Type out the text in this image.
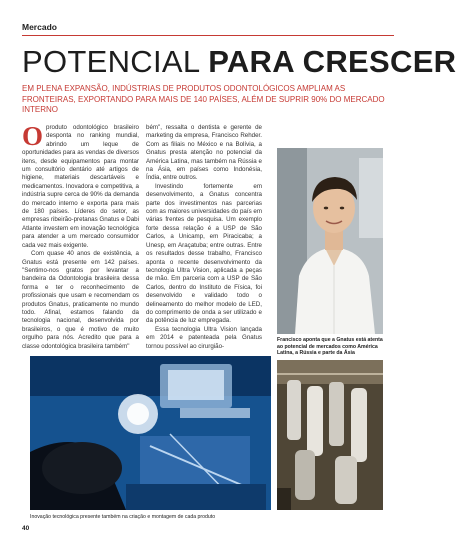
Mercado
POTENCIAL PARA CRESCER
EM PLENA EXPANSÃO, INDÚSTRIAS DE PRODUTOS ODONTOLÓGICOS AMPLIAM AS FRONTEIRAS, EXPORTANDO PARA MAIS DE 140 PAÍSES, ALÉM DE SUPRIR 90% DO MERCADO INTERNO

Oproduto odontológico brasileiro desponta no ranking mundial, abrindo um leque de oportunidades para as vendas de diversos itens, desde equipamentos para montar um consultório dentário até artigos de higiene, materiais descartáveis e medicamentos. Inovadora e competitiva, a indústria supre cerca de 90% da demanda do mercado interno e exporta para mais de 180 países. Líderes do setor, as empresas ribeirão-pretanas Gnatus e Dabi Atlante investem em inovação tecnológica para atender a um mercado consumidor cada vez mais exigente.

Com quase 40 anos de existência, a Gnatus está presente em 142 países. "Sentimo-nos gratos por levantar a bandeira da Odontologia brasileira dessa forma e ter o reconhecimento de profissionais que usam e recomendam os produtos Gnatus, praticamente no mundo todo. Afinal, estamos falando da tecnologia nacional, desenvolvida por brasileiros, o que é motivo de muito orgulho para nós. Acredito que para a classe odontológica brasileira também"

bém", ressalta o dentista e gerente de marketing da empresa, Francisco Rehder. Com as filiais no México e na Bolívia, a Gnatus presta atenção no potencial da América Latina, mas também na Rússia e na Ásia, em países como Indonésia, Índia, entre outros.

Investindo fortemente em desenvolvimento, a Gnatus concentra parte dos investimentos nas parcerias com as maiores universidades do país em várias frentes de pesquisa. Um exemplo forte dessa relação é a USP de São Carlos, a Unicamp, em Piracicaba; a Unesp, em Araçatuba; entre outras. Entre os resultados desse trabalho, Francisco aponta o recente desenvolvimento da tecnologia Ultra Vision, aplicada a peças de mão. Em parceria com a USP de São Carlos, dentro do Instituto de Física, foi desenvolvido e validado todo o delineamento do melhor modelo de LED, do comprimento de onda a ser utilizado e da potência de luz empregada.

Essa tecnologia Ultra Vision lançada em 2014 e patenteada pela Gnatus tornou possível ao cirurgião-

Francisco aponta que a Gnatus está atenta ao potencial de mercados como América Latina, a Rússia e parte da Ásia
Inovação tecnológica presente também na criação e montagem de cada produto
40
